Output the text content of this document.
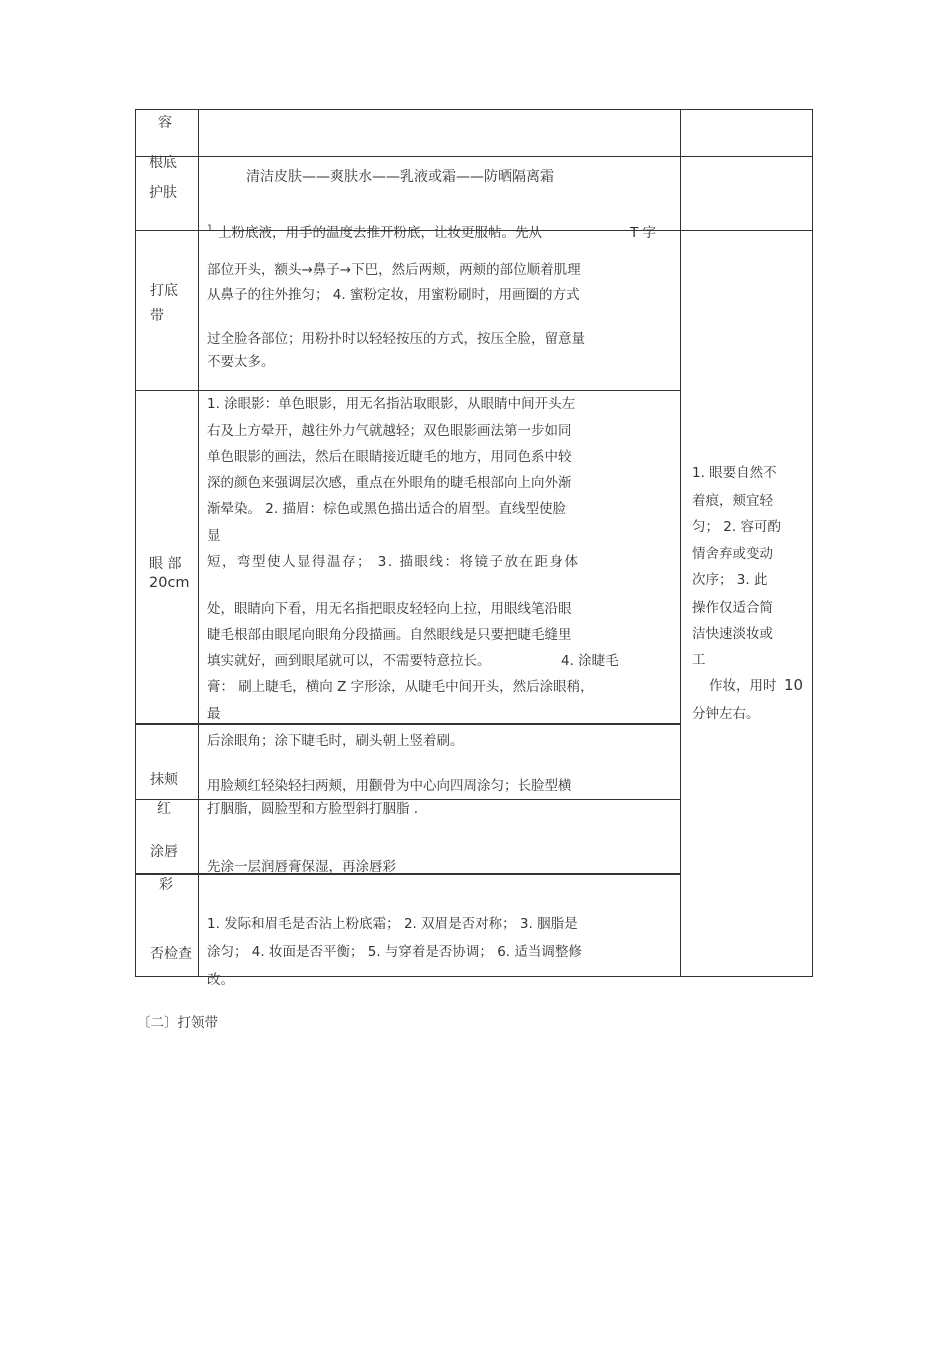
容
根底
护肤
清洁皮肤——爽肤水——乳液或霜——防晒隔离霜
打底
带
1. 上粉底液，用手的温度去推开粉底，让妆更服帖。先从	T 字
部位开头，额头→鼻子→下巴，然后两颊，两颊的部位顺着肌理
从鼻子的往外推匀； 4. 蜜粉定妆，用蜜粉刷时，用画圈的方式
过全脸各部位；用粉扑时以轻轻按压的方式，按压全脸，留意量
不要太多。
眼 部
20cm
1. 涂眼影：单色眼影，用无名指沾取眼影，从眼睛中间开头左
右及上方晕开，越往外力气就越轻；双色眼影画法第一步如同
单色眼影的画法，然后在眼睛接近睫毛的地方，用同色系中较
深的颜色来强调层次感，重点在外眼角的睫毛根部向上向外渐
渐晕染。 2. 描眉：棕色或黑色描出适合的眉型。直线型使脸
显
短，弯型使人显得温存； 3. 描眼线：将镜子放在距身体
处，眼睛向下看，用无名指把眼皮轻轻向上拉，用眼线笔沿眼
睫毛根部由眼尾向眼角分段描画。自然眼线是只要把睫毛缝里
填实就好，画到眼尾就可以，不需要特意拉长。	4. 涂睫毛
膏： 刷上睫毛，横向 Z 字形涂，从睫毛中间开头，然后涂眼稍，
最
抹颊
红
后涂眼角；涂下睫毛时，刷头朝上竖着刷。
用脸颊红轻染轻扫两颊，用颧骨为中心向四周涂匀；长脸型横
打胭脂，圆脸型和方脸型斜打胭脂 .
涂唇
彩
先涂一层润唇膏保湿，再涂唇彩
否检查
1. 发际和眉毛是否沾上粉底霜； 2. 双眉是否对称； 3. 胭脂是
涂匀； 4. 妆面是否平衡； 5. 与穿着是否协调； 6. 适当调整修
改。
1. 眼要自然不
着痕，颊宜轻
匀； 2. 容可酌
情舍弃或变动
次序； 3. 此
操作仅适合简
洁快速淡妆或
工
作妆，用时 10
分钟左右。
〔二〕打领带
